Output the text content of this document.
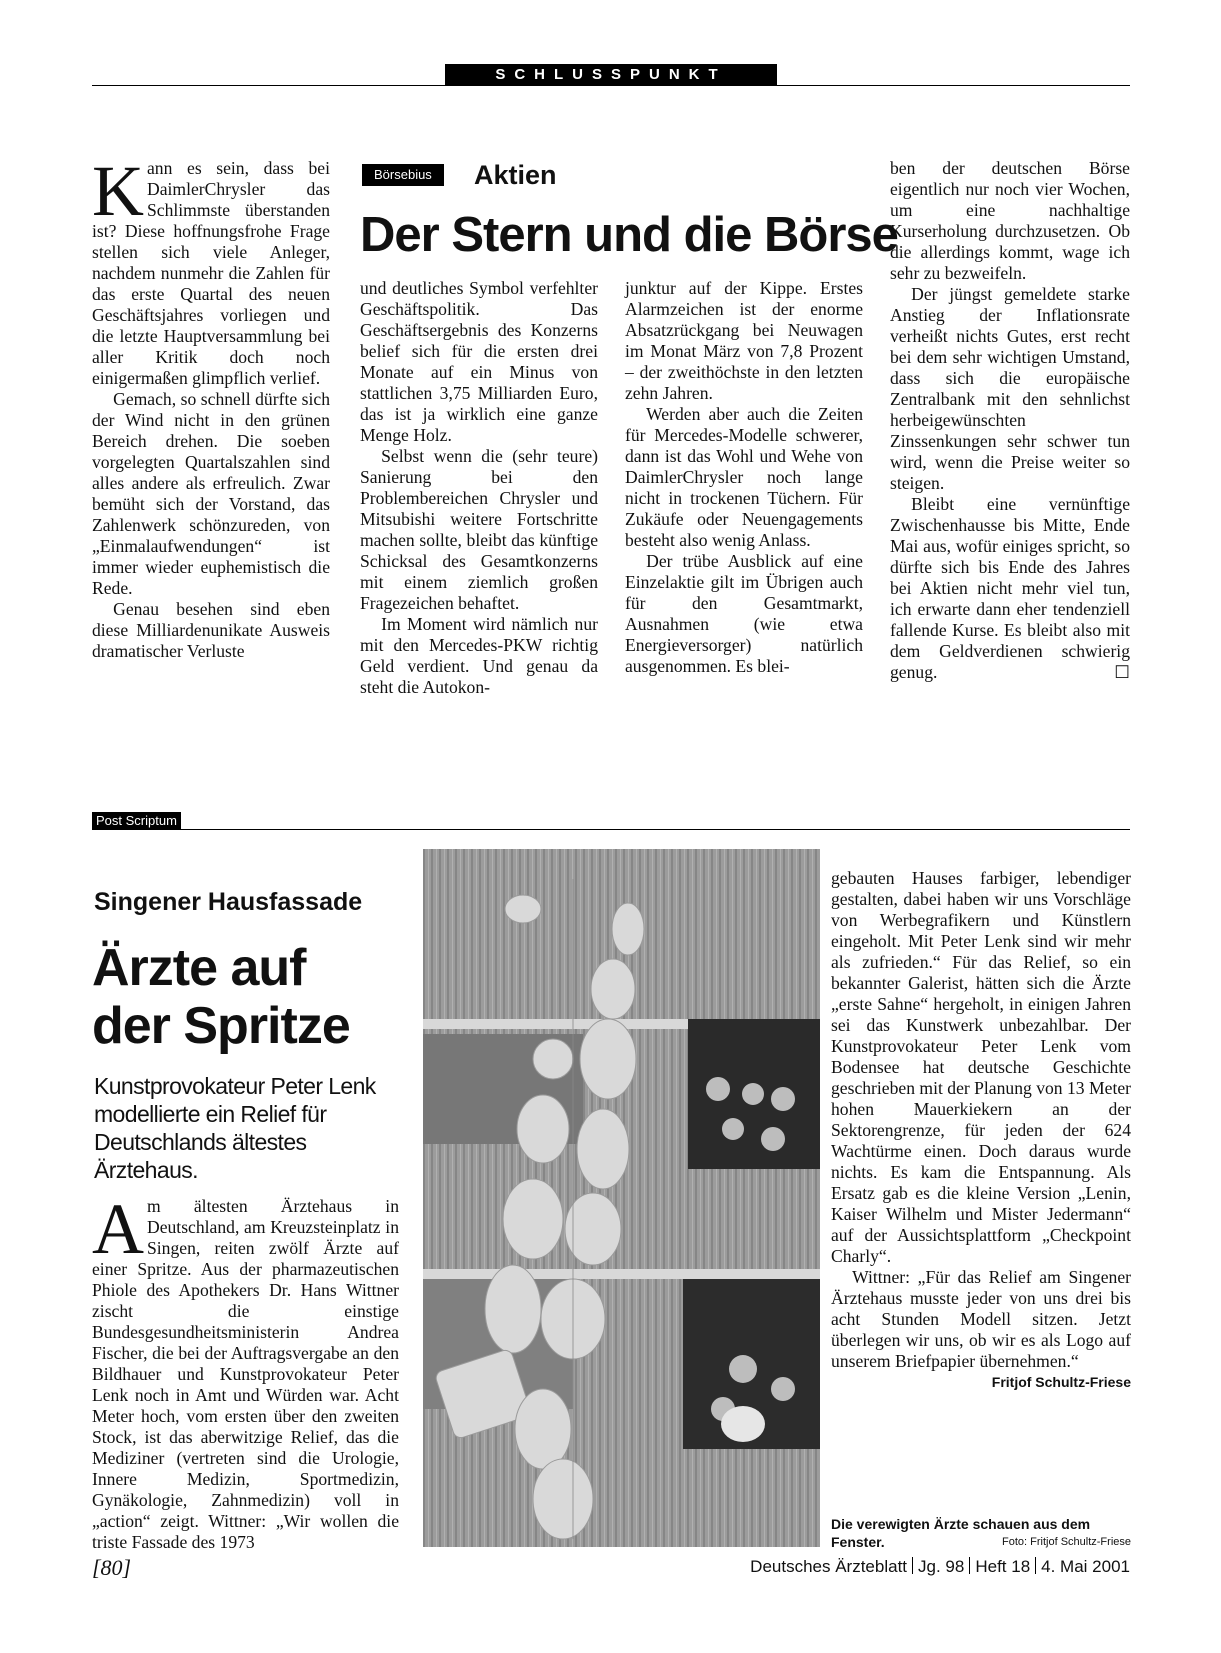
SCHLUSSPUNKT

Kann es sein, dass bei DaimlerChrysler das Schlimmste überstanden ist? Diese hoffnungsfrohe Frage stellen sich viele Anleger, nachdem nunmehr die Zahlen für das erste Quartal des neuen Geschäftsjahres vorliegen und die letzte Hauptversammlung bei aller Kritik doch noch einigermaßen glimpflich verlief.

Gemach, so schnell dürfte sich der Wind nicht in den grünen Bereich drehen. Die soeben vorgelegten Quartalszahlen sind alles andere als erfreulich. Zwar bemüht sich der Vorstand, das Zahlenwerk schönzureden, von „Einmalaufwendungen“ ist immer wieder euphemistisch die Rede.

Genau besehen sind eben diese Milliardenunikate Ausweis dramatischer Verluste

Börsebius	Aktien
Der Stern und die Börse

und deutliches Symbol verfehlter Geschäftspolitik. Das Geschäftsergebnis des Konzerns belief sich für die ersten drei Monate auf ein Minus von stattlichen 3,75 Milliarden Euro, das ist ja wirklich eine ganze Menge Holz.

Selbst wenn die (sehr teure) Sanierung bei den Problembereichen Chrysler und Mitsubishi weitere Fortschritte machen sollte, bleibt das künftige Schicksal des Gesamtkonzerns mit einem ziemlich großen Fragezeichen behaftet.

Im Moment wird nämlich nur mit den Mercedes-PKW richtig Geld verdient. Und genau da steht die Autokon-

junktur auf der Kippe. Erstes Alarmzeichen ist der enorme Absatzrückgang bei Neuwagen im Monat März von 7,8 Prozent – der zweithöchste in den letzten zehn Jahren.

Werden aber auch die Zeiten für Mercedes-Modelle schwerer, dann ist das Wohl und Wehe von DaimlerChrysler noch lange nicht in trockenen Tüchern. Für Zukäufe oder Neuengagements besteht also wenig Anlass.

Der trübe Ausblick auf eine Einzelaktie gilt im Übrigen auch für den Gesamtmarkt, Ausnahmen (wie etwa Energieversorger) natürlich ausgenommen. Es blei-

ben der deutschen Börse eigentlich nur noch vier Wochen, um eine nachhaltige Kurserholung durchzusetzen. Ob die allerdings kommt, wage ich sehr zu bezweifeln.

Der jüngst gemeldete starke Anstieg der Inflationsrate verheißt nichts Gutes, erst recht bei dem sehr wichtigen Umstand, dass sich die europäische Zentralbank mit den sehnlichst herbeigewünschten Zinssenkungen sehr schwer tun wird, wenn die Preise weiter so steigen.

Bleibt eine vernünftige Zwischenhausse bis Mitte, Ende Mai aus, wofür einiges spricht, so dürfte sich bis Ende des Jahres bei Aktien nicht mehr viel tun, ich erwarte dann eher tendenziell fallende Kurse. Es bleibt also mit dem Geldverdienen schwierig genug.	☐

Post Scriptum
Singener Hausfassade
Ärzte auf der Spritze
Kunstprovokateur Peter Lenk modellierte ein Relief für Deutschlands ältestes Ärztehaus.

Am ältesten Ärztehaus in Deutschland, am Kreuzsteinplatz in Singen, reiten zwölf Ärzte auf einer Spritze. Aus der pharmazeutischen Phiole des Apothekers Dr. Hans Wittner zischt die einstige Bundesgesundheitsministerin Andrea Fischer, die bei der Auftragsvergabe an den Bildhauer und Kunstprovokateur Peter Lenk noch in Amt und Würden war. Acht Meter hoch, vom ersten über den zweiten Stock, ist das aberwitzige Relief, das die Mediziner (vertreten sind die Urologie, Innere Medizin, Sportmedizin, Gynäkologie, Zahnmedizin) voll in „action“ zeigt. Wittner: „Wir wollen die triste Fassade des 1973

gebauten Hauses farbiger, lebendiger gestalten, dabei haben wir uns Vorschläge von Werbegrafikern und Künstlern eingeholt. Mit Peter Lenk sind wir mehr als zufrieden.“ Für das Relief, so ein bekannter Galerist, hätten sich die Ärzte „erste Sahne“ hergeholt, in einigen Jahren sei das Kunstwerk unbezahlbar. Der Kunstprovokateur Peter Lenk vom Bodensee hat deutsche Geschichte geschrieben mit der Planung von 13 Meter hohen Mauerkiekern an der Sektorengrenze, für jeden der 624 Wachtürme einen. Doch daraus wurde nichts. Es kam die Entspannung. Als Ersatz gab es die kleine Version „Lenin, Kaiser Wilhelm und Mister Jedermann“ auf der Aussichtsplattform „Checkpoint Charly“.

Wittner: „Für das Relief am Singener Ärztehaus musste jeder von uns drei bis acht Stunden Modell sitzen. Jetzt überlegen wir uns, ob wir es als Logo auf unserem Briefpapier übernehmen.“
Fritjof Schultz-Friese

Die verewigten Ärzte schauen aus dem Fenster.	Foto: Fritjof Schultz-Friese
[80]	Deutsches Ärzteblatt Jg. 98 Heft 18 4. Mai 2001
